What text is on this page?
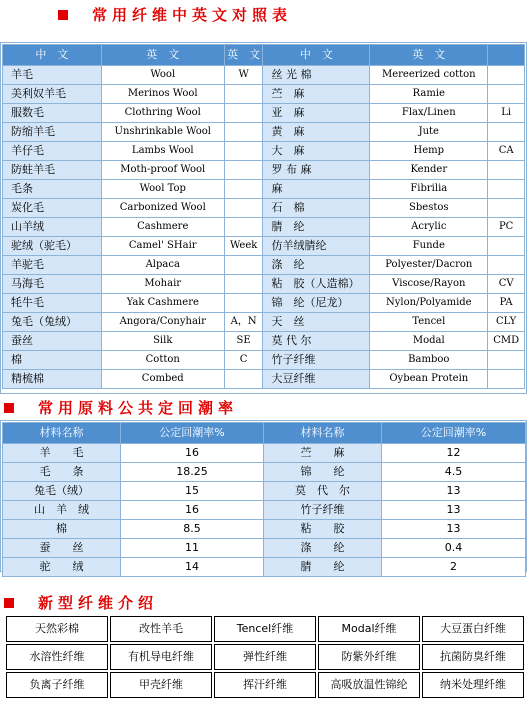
常用纤维中英文对照表
中　文	英　文	英　文	中　文	英　文	
羊毛	Wool	W	丝 光 棉	Mereerized cotton	
美利奴羊毛	Merinos Wool		苎　麻	Ramie	
服数毛	Clothring Wool		亚　麻	Flax/Linen	Li
防缩羊毛	Unshrinkable Wool		黄　麻	Jute	
羊仔毛	Lambs Wool		大　麻	Hemp	CA
防蛀羊毛	Moth-proof Wool		罗 布 麻	Kender	
毛条	Wool Top		麻	Fibrilia	
炭化毛	Carbonized Wool		石　棉	Sbestos	
山羊绒	Cashmere		腈　纶	Acrylic	PC
驼绒（驼毛）	Camel' SHair	Week	仿羊绒腈纶	Funde	
羊驼毛	Alpaca		涤　纶	Polyester/Dacron	
马海毛	Mohair		粘　胶（人造棉）	Viscose/Rayon	CV
牦牛毛	Yak Cashmere		锦　纶（尼龙）	Nylon/Polyamide	PA
兔毛（兔绒）	Angora/Conyhair	A，N	天　丝	Tencel	CLY
蚕丝	Silk	SE	莫 代 尔	Modal	CMD
棉	Cotton	C	竹子纤维	Bamboo	
精梳棉	Combed		大豆纤维	Oybean Protein	
常用原料公共定回潮率
材料名称	公定回潮率%	材料名称	公定回潮率%
羊　　毛	16	苎　　麻	12
毛　　条	18.25	锦　　纶	4.5
兔毛（绒）	15	莫　代　尔	13
山　羊　绒	16	竹子纤维	13
棉	8.5	粘　　胶	13
蚕　　丝	11	涤　　纶	0.4
驼　　绒	14	腈　　纶	2
新型纤维介绍
天然彩棉	改性羊毛	Tencel纤维	Modal纤维	大豆蛋白纤维
水溶性纤维	有机导电纤维	弹性纤维	防紫外纤维	抗菌防臭纤维
负离子纤维	甲壳纤维	挥汗纤维	高吸放温性锦纶	纳米处理纤维
